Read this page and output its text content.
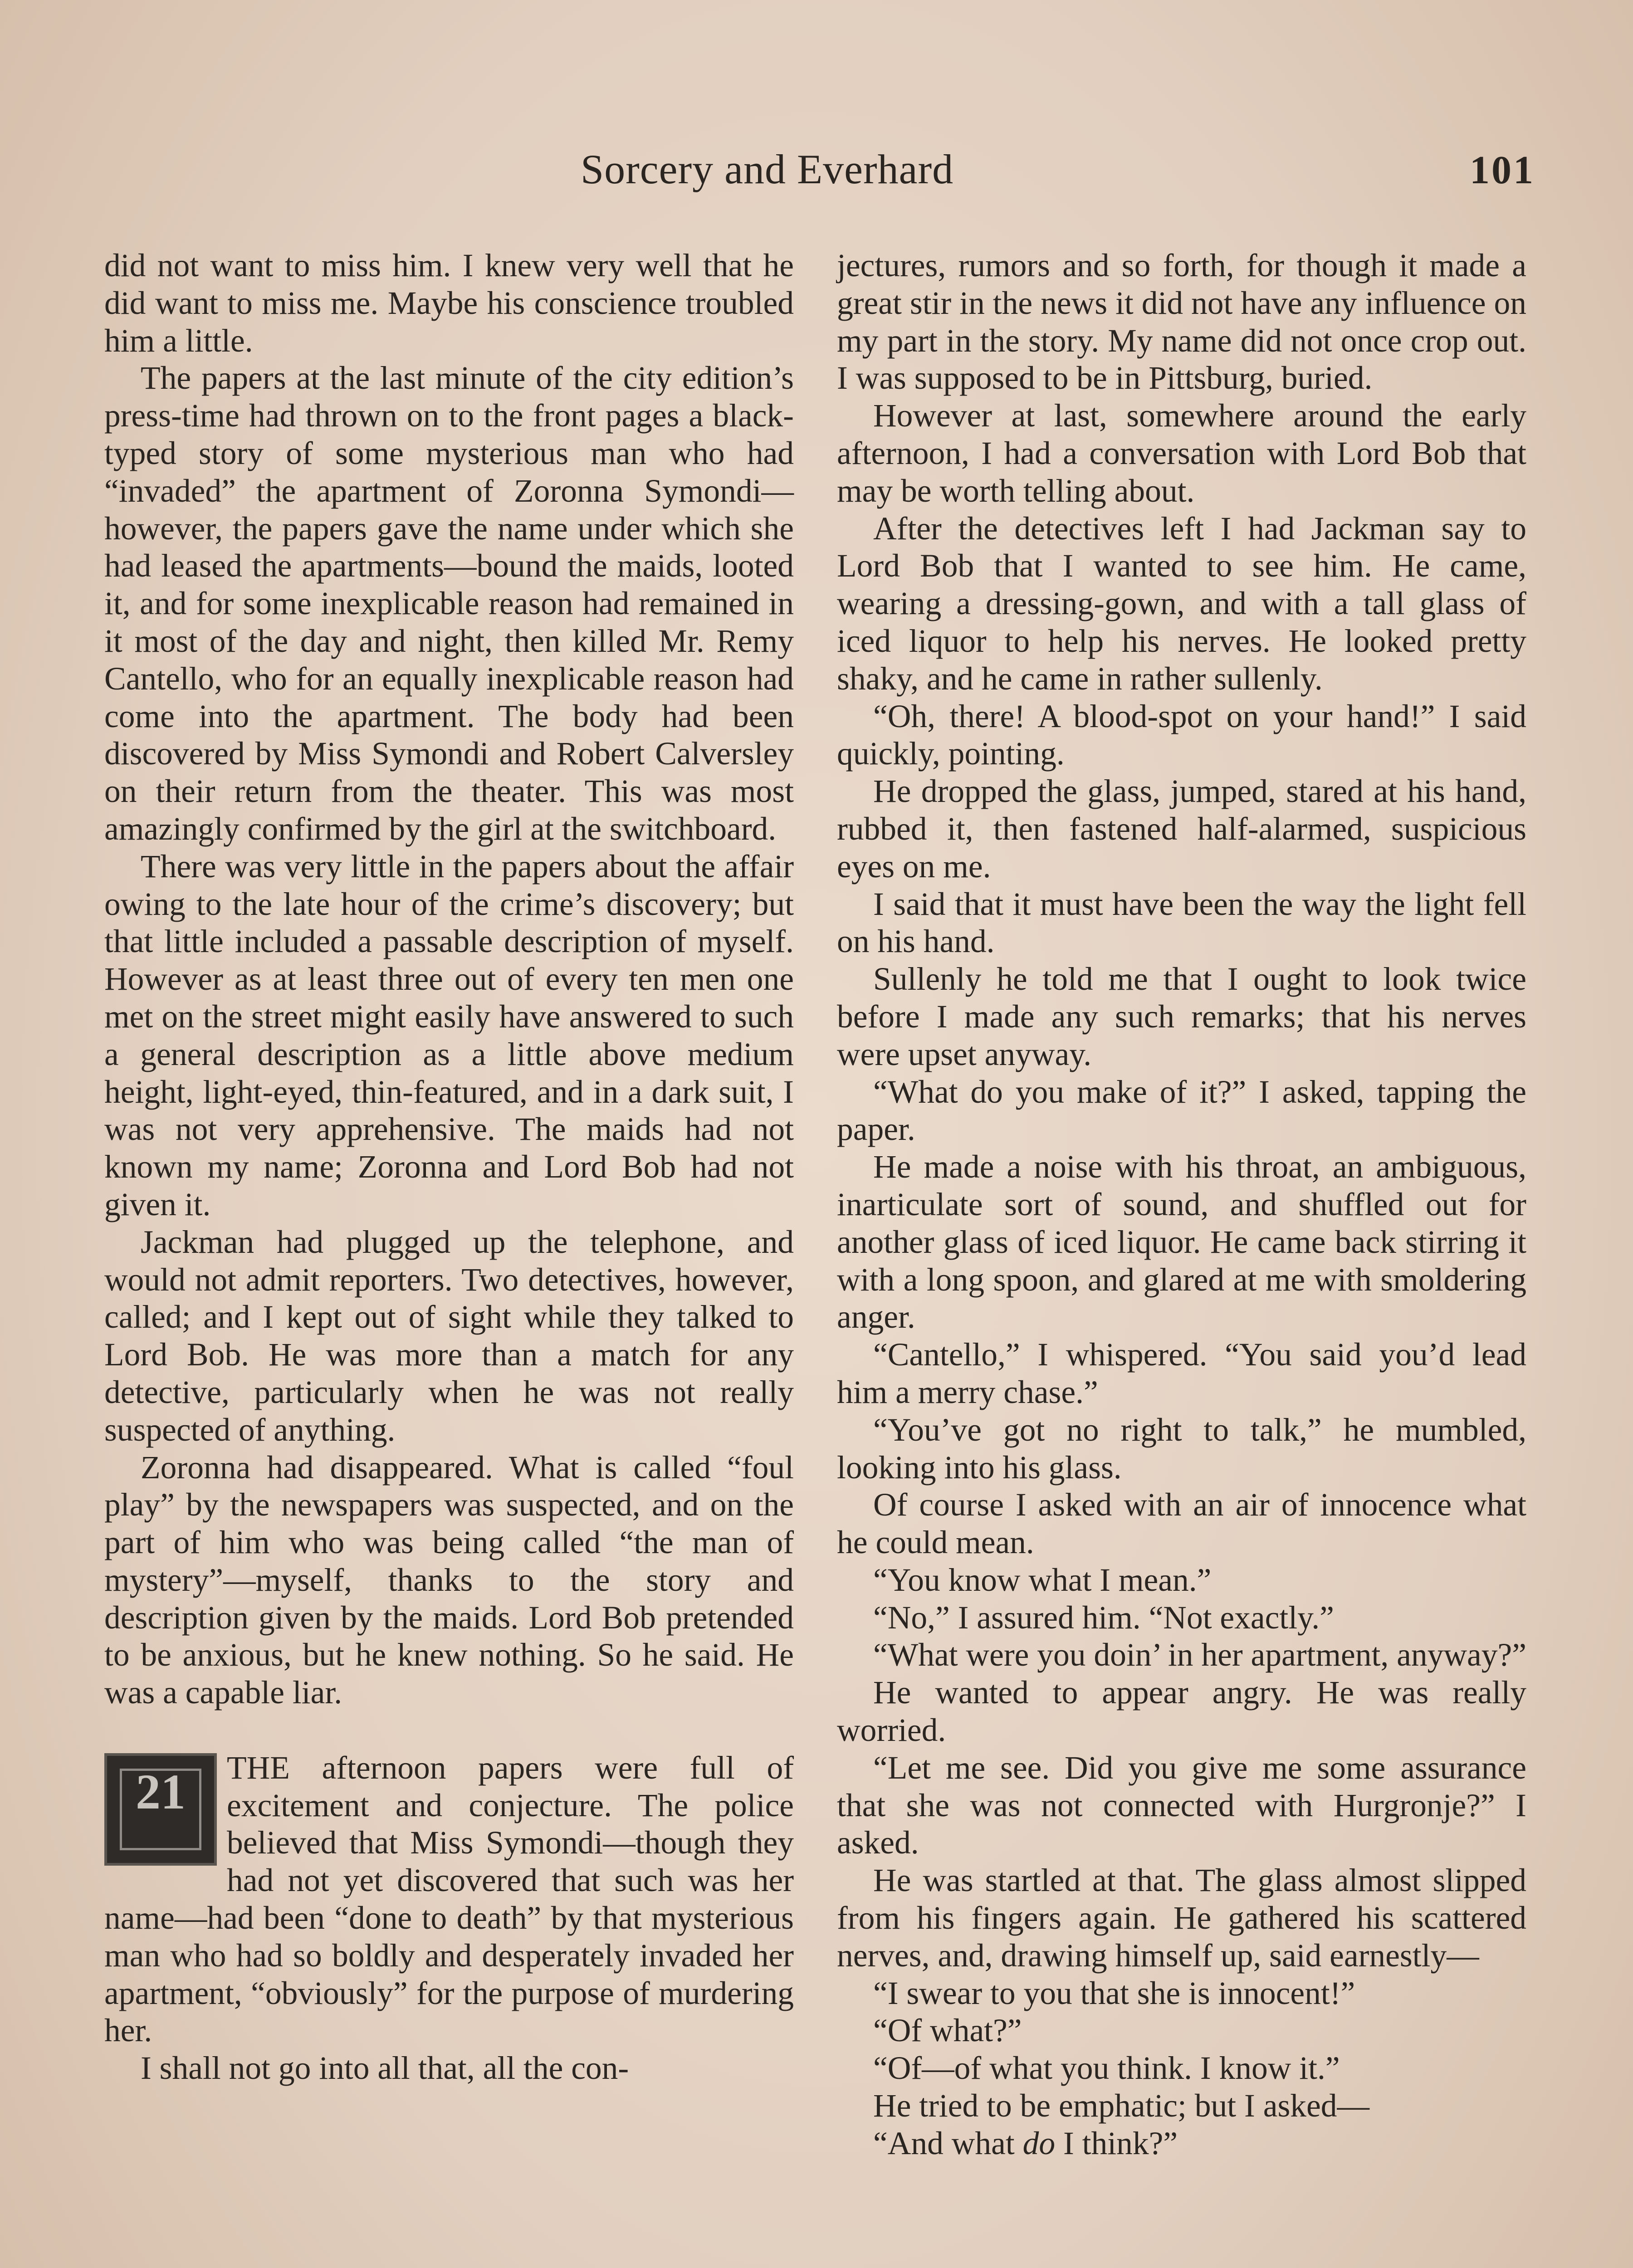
Sorcery and Everhard	101

did not want to miss him. I knew very well that he did want to miss me. Maybe his conscience troubled him a little.

The papers at the last minute of the city edition’s press-time had thrown on to the front pages a black-typed story of some mysterious man who had “invaded” the apartment of Zoronna Symondi—however, the papers gave the name under which she had leased the apartments—bound the maids, looted it, and for some inexplicable reason had remained in it most of the day and night, then killed Mr. Remy Cantello, who for an equally inexplicable reason had come into the apartment. The body had been discovered by Miss Symondi and Robert Calversley on their return from the theater. This was most amazingly confirmed by the girl at the switchboard.

There was very little in the papers about the affair owing to the late hour of the crime’s discovery; but that little included a passable description of myself. However as at least three out of every ten men one met on the street might easily have answered to such a general description as a little above medium height, light-eyed, thin-featured, and in a dark suit, I was not very apprehensive. The maids had not known my name; Zoronna and Lord Bob had not given it.

Jackman had plugged up the telephone, and would not admit reporters. Two detectives, however, called; and I kept out of sight while they talked to Lord Bob. He was more than a match for any detective, particularly when he was not really suspected of anything.

Zoronna had disappeared. What is called “foul play” by the newspapers was suspected, and on the part of him who was being called “the man of mystery”—myself, thanks to the story and description given by the maids. Lord Bob pretended to be anxious, but he knew nothing. So he said. He was a capable liar.

21	THE afternoon papers were full of excitement and conjecture. The police believed that Miss Symondi—though they had not yet discovered that such was her name—had been “done to death” by that mysterious man who had so boldly and desperately invaded her apartment, “obviously” for the purpose of murdering her.

I shall not go into all that, all the con-

jectures, rumors and so forth, for though it made a great stir in the news it did not have any influence on my part in the story. My name did not once crop out. I was supposed to be in Pittsburg, buried.

However at last, somewhere around the early afternoon, I had a conversation with Lord Bob that may be worth telling about.

After the detectives left I had Jackman say to Lord Bob that I wanted to see him. He came, wearing a dressing-gown, and with a tall glass of iced liquor to help his nerves. He looked pretty shaky, and he came in rather sullenly.

“Oh, there! A blood-spot on your hand!” I said quickly, pointing.

He dropped the glass, jumped, stared at his hand, rubbed it, then fastened half-alarmed, suspicious eyes on me.

I said that it must have been the way the light fell on his hand.

Sullenly he told me that I ought to look twice before I made any such remarks; that his nerves were upset anyway.

“What do you make of it?” I asked, tapping the paper.

He made a noise with his throat, an ambiguous, inarticulate sort of sound, and shuffled out for another glass of iced liquor. He came back stirring it with a long spoon, and glared at me with smoldering anger.

“Cantello,” I whispered. “You said you’d lead him a merry chase.”

“You’ve got no right to talk,” he mumbled, looking into his glass.

Of course I asked with an air of innocence what he could mean.

“You know what I mean.”

“No,” I assured him. “Not exactly.”

“What were you doin’ in her apartment, anyway?”

He wanted to appear angry. He was really worried.

“Let me see. Did you give me some assurance that she was not connected with Hurgronje?” I asked.

He was startled at that. The glass almost slipped from his fingers again. He gathered his scattered nerves, and, drawing himself up, said earnestly—

“I swear to you that she is innocent!”

“Of what?”

“Of—of what you think. I know it.”

He tried to be emphatic; but I asked—

“And what do I think?”
